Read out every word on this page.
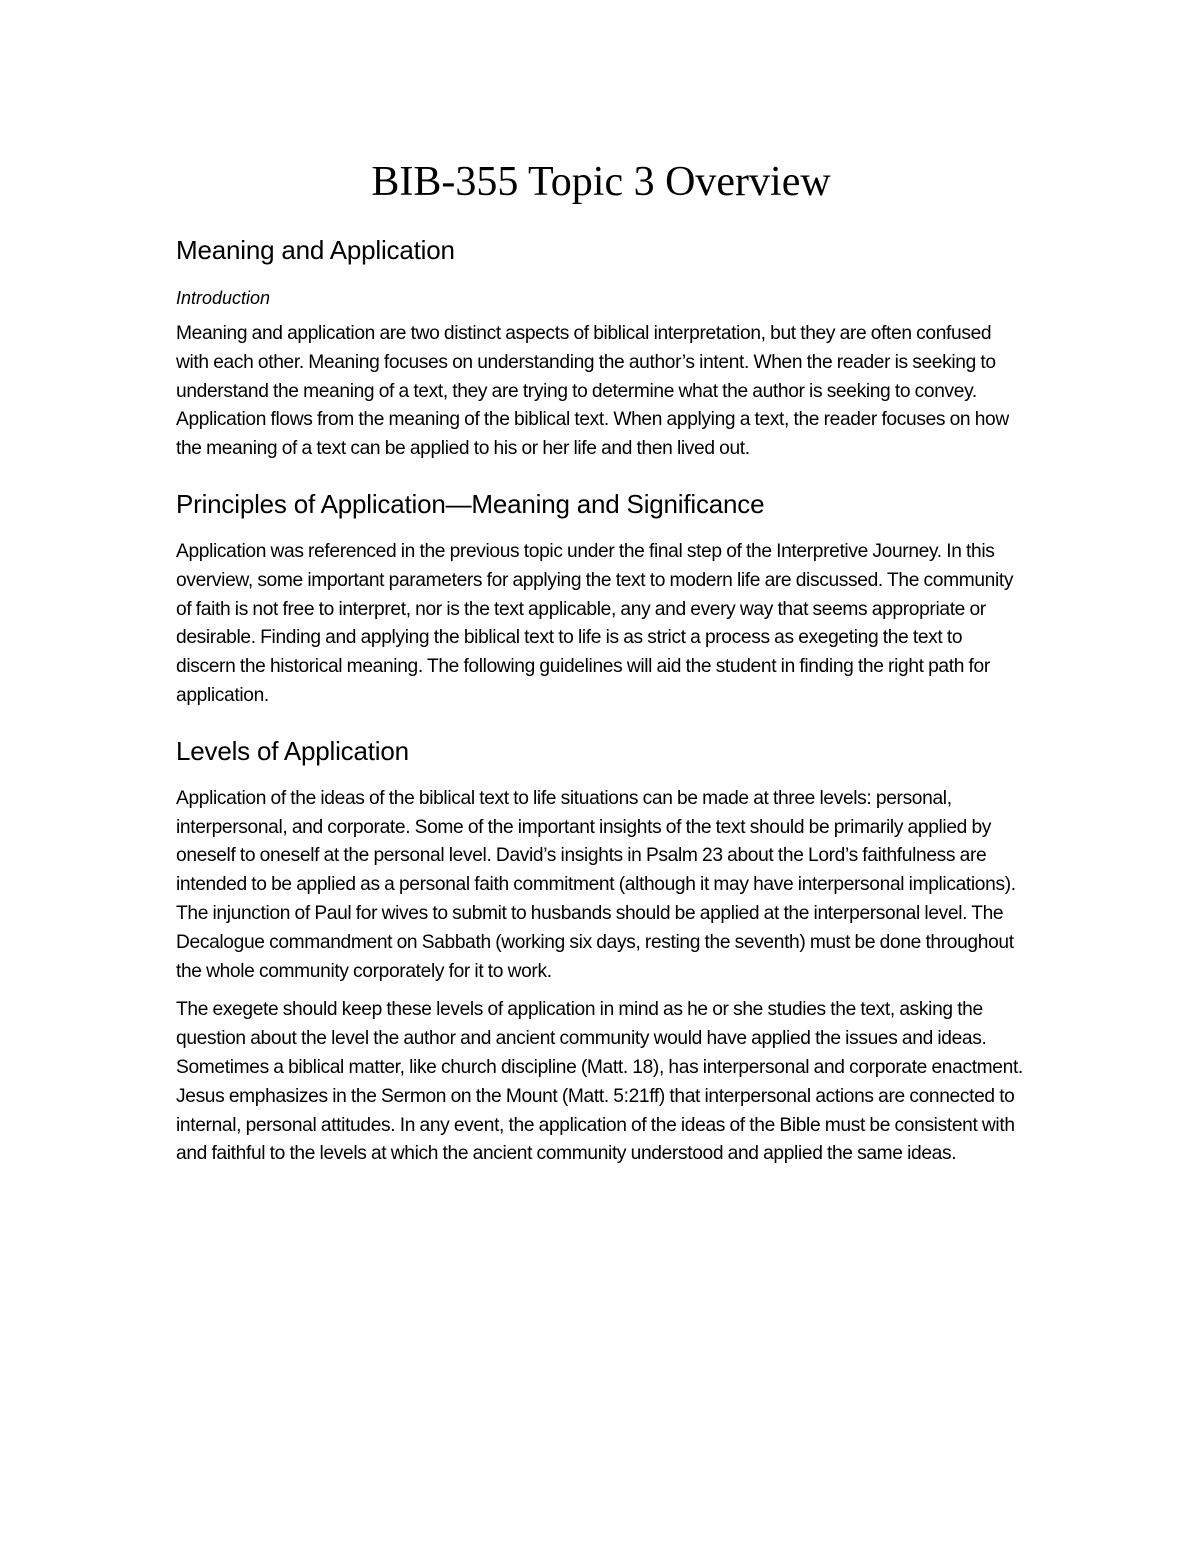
BIB-355 Topic 3 Overview
Meaning and Application
Introduction

Meaning and application are two distinct aspects of biblical interpretation, but they are often confused with each other. Meaning focuses on understanding the author’s intent. When the reader is seeking to understand the meaning of a text, they are trying to determine what the author is seeking to convey. Application flows from the meaning of the biblical text. When applying a text, the reader focuses on how the meaning of a text can be applied to his or her life and then lived out.

Principles of Application—Meaning and Significance

Application was referenced in the previous topic under the final step of the Interpretive Journey. In this overview, some important parameters for applying the text to modern life are discussed. The community of faith is not free to interpret, nor is the text applicable, any and every way that seems appropriate or desirable. Finding and applying the biblical text to life is as strict a process as exegeting the text to discern the historical meaning. The following guidelines will aid the student in finding the right path for application.

Levels of Application

Application of the ideas of the biblical text to life situations can be made at three levels: personal, interpersonal, and corporate. Some of the important insights of the text should be primarily applied by oneself to oneself at the personal level. David’s insights in Psalm 23 about the Lord’s faithfulness are intended to be applied as a personal faith commitment (although it may have interpersonal implications). The injunction of Paul for wives to submit to husbands should be applied at the interpersonal level. The Decalogue commandment on Sabbath (working six days, resting the seventh) must be done throughout the whole community corporately for it to work.

The exegete should keep these levels of application in mind as he or she studies the text, asking the question about the level the author and ancient community would have applied the issues and ideas. Sometimes a biblical matter, like church discipline (Matt. 18), has interpersonal and corporate enactment. Jesus emphasizes in the Sermon on the Mount (Matt. 5:21ff) that interpersonal actions are connected to internal, personal attitudes. In any event, the application of the ideas of the Bible must be consistent with and faithful to the levels at which the ancient community understood and applied the same ideas.
